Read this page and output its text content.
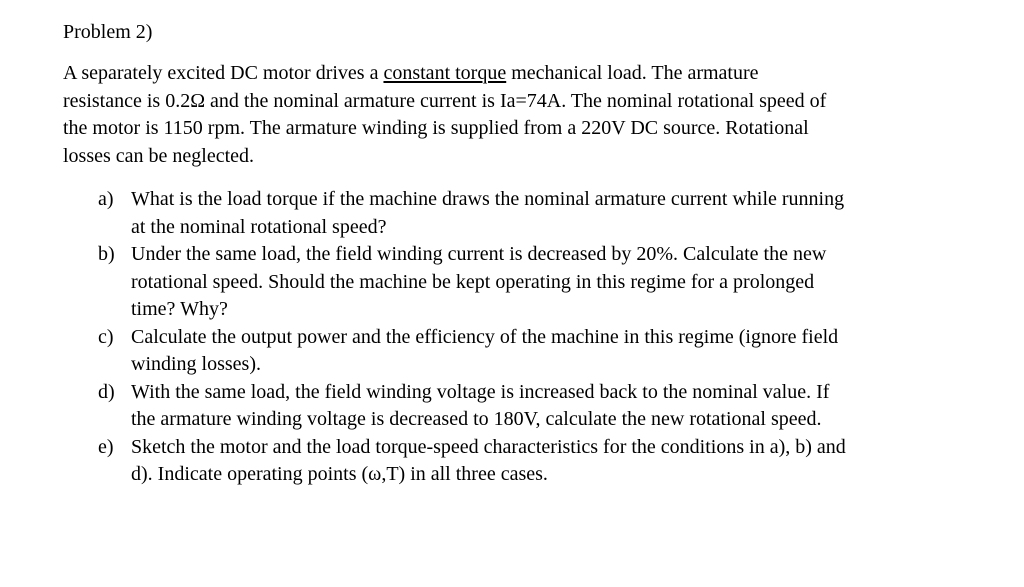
Problem 2)
A separately excited DC motor drives a constant torque mechanical load. The armature
resistance is 0.2Ω and the nominal armature current is Ia=74A. The nominal rotational speed of
the motor is 1150 rpm. The armature winding is supplied from a 220V DC source. Rotational
losses can be neglected.
a) What is the load torque if the machine draws the nominal armature current while running
at the nominal rotational speed?
b) Under the same load, the field winding current is decreased by 20%. Calculate the new
rotational speed. Should the machine be kept operating in this regime for a prolonged
time? Why?
c) Calculate the output power and the efficiency of the machine in this regime (ignore field
winding losses).
d) With the same load, the field winding voltage is increased back to the nominal value. If
the armature winding voltage is decreased to 180V, calculate the new rotational speed.
e) Sketch the motor and the load torque-speed characteristics for the conditions in a), b) and
d). Indicate operating points (ω,T) in all three cases.
